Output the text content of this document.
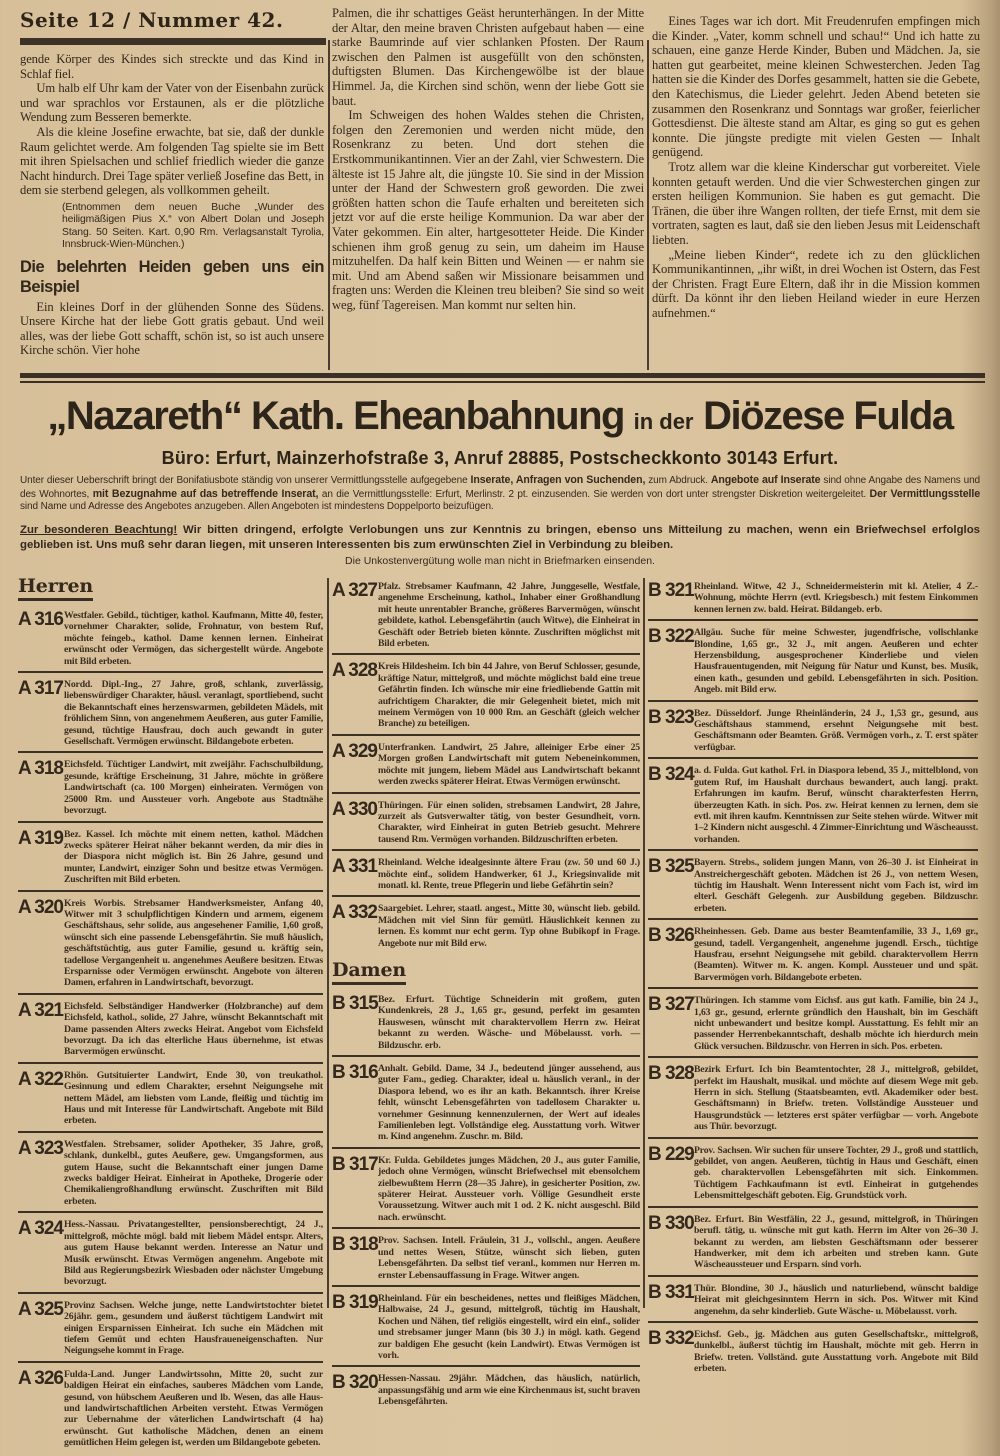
Seite 12 / Nummer 42.

gende Körper des Kindes sich streckte und das Kind in Schlaf fiel.

Um halb elf Uhr kam der Vater von der Eisenbahn zurück und war sprachlos vor Erstaunen, als er die plötzliche Wendung zum Besseren bemerkte.

Als die kleine Josefine erwachte, bat sie, daß der dunkle Raum gelichtet werde. Am folgenden Tag spielte sie im Bett mit ihren Spielsachen und schlief friedlich wieder die ganze Nacht hindurch. Drei Tage später verließ Josefine das Bett, in dem sie sterbend gelegen, als vollkommen geheilt.

(Entnommen dem neuen Buche „Wunder des heiligmäßigen Pius X.“ von Albert Dolan und Joseph Stang. 50 Seiten. Kart. 0,90 Rm. Verlagsanstalt Tyrolia, Innsbruck-Wien-München.)

Die belehrten Heiden geben uns ein Beispiel

Ein kleines Dorf in der glühenden Sonne des Südens. Unsere Kirche hat der liebe Gott gratis gebaut. Und weil alles, was der liebe Gott schafft, schön ist, so ist auch unsere Kirche schön. Vier hohe

Palmen, die ihr schattiges Geäst herunterhängen. In der Mitte der Altar, den meine braven Christen aufgebaut haben — eine starke Baumrinde auf vier schlanken Pfosten. Der Raum zwischen den Palmen ist ausgefüllt von den schönsten, duftigsten Blumen. Das Kirchengewölbe ist der blaue Himmel. Ja, die Kirchen sind schön, wenn der liebe Gott sie baut.

Im Schweigen des hohen Waldes stehen die Christen, folgen den Zeremonien und werden nicht müde, den Rosenkranz zu beten. Und dort stehen die Erstkommunikantinnen. Vier an der Zahl, vier Schwestern. Die älteste ist 15 Jahre alt, die jüngste 10. Sie sind in der Mission unter der Hand der Schwestern groß geworden. Die zwei größten hatten schon die Taufe erhalten und bereiteten sich jetzt vor auf die erste heilige Kommunion. Da war aber der Vater gekommen. Ein alter, hartgesotteter Heide. Die Kinder schienen ihm groß genug zu sein, um daheim im Hause mitzuhelfen. Da half kein Bitten und Weinen — er nahm sie mit. Und am Abend saßen wir Missionare beisammen und fragten uns: Werden die Kleinen treu bleiben? Sie sind so weit weg, fünf Tagereisen. Man kommt nur selten hin.

Eines Tages war ich dort. Mit Freudenrufen empfingen mich die Kinder. „Vater, komm schnell und schau!“ Und ich hatte zu schauen, eine ganze Herde Kinder, Buben und Mädchen. Ja, sie hatten gut gearbeitet, meine kleinen Schwesterchen. Jeden Tag hatten sie die Kinder des Dorfes gesammelt, hatten sie die Gebete, den Katechismus, die Lieder gelehrt. Jeden Abend beteten sie zusammen den Rosenkranz und Sonntags war großer, feierlicher Gottesdienst. Die älteste stand am Altar, es ging so gut es gehen konnte. Die jüngste predigte mit vielen Gesten — Inhalt genügend.

Trotz allem war die kleine Kinderschar gut vorbereitet. Viele konnten getauft werden. Und die vier Schwesterchen gingen zur ersten heiligen Kommunion. Sie haben es gut gemacht. Die Tränen, die über ihre Wangen rollten, der tiefe Ernst, mit dem sie vortraten, sagten es laut, daß sie den lieben Jesus mit Leidenschaft liebten.

„Meine lieben Kinder“, redete ich zu den glücklichen Kommunikantinnen, „ihr wißt, in drei Wochen ist Ostern, das Fest der Christen. Fragt Eure Eltern, daß ihr in die Mission kommen dürft. Da könnt ihr den lieben Heiland wieder in eure Herzen aufnehmen.“

„Nazareth“ Kath. Eheanbahnung in der Diözese Fulda
Büro: Erfurt, Mainzerhofstraße 3, Anruf 28885, Postscheckkonto 30143 Erfurt.
Unter dieser Ueberschrift bringt der Bonifatiusbote ständig von unserer Vermittlungsstelle aufgegebene Inserate, Anfragen von Suchenden, zum Abdruck. Angebote auf Inserate sind ohne Angabe des Namens und des Wohnortes, mit Bezugnahme auf das betreffende Inserat, an die Vermittlungsstelle: Erfurt, Merlinstr. 2 pt. einzusenden. Sie werden von dort unter strengster Diskretion weitergeleitet. Der Vermittlungsstelle sind Name und Adresse des Angebotes anzugeben. Allen Angeboten ist mindestens Doppelporto beizufügen.
Zur besonderen Beachtung! Wir bitten dringend, erfolgte Verlobungen uns zur Kenntnis zu bringen, ebenso uns Mitteilung zu machen, wenn ein Briefwechsel erfolglos geblieben ist. Uns muß sehr daran liegen, mit unseren Interessenten bis zum erwünschten Ziel in Verbindung zu bleiben.
Die Unkostenvergütung wolle man nicht in Briefmarken einsenden.
Herren
A 316 Westfaler. Gebild., tüchtiger, kathol. Kaufmann, Mitte 40, fester, vornehmer Charakter, solide, Frohnatur, von bestem Ruf, möchte feingeb., kathol. Dame kennen lernen. Einheirat erwünscht oder Vermögen, das sichergestellt würde. Angebote mit Bild erbeten.
A 317 Nordd. Dipl.-Ing., 27 Jahre, groß, schlank, zuverlässig, liebenswürdiger Charakter, häusl. veranlagt, sportliebend, sucht die Bekanntschaft eines herzenswarmen, gebildeten Mädels, mit fröhlichem Sinn, von angenehmem Aeußeren, aus guter Familie, gesund, tüchtige Hausfrau, doch auch gewandt in guter Gesellschaft. Vermögen erwünscht. Bildangebote erbeten.
A 318 Eichsfeld. Tüchtiger Landwirt, mit zweijähr. Fachschulbildung, gesunde, kräftige Erscheinung, 31 Jahre, möchte in größere Landwirtschaft (ca. 100 Morgen) einheiraten. Vermögen von 25000 Rm. und Aussteuer vorh. Angebote aus Stadtnähe bevorzugt.
A 319 Bez. Kassel. Ich möchte mit einem netten, kathol. Mädchen zwecks späterer Heirat näher bekannt werden, da mir dies in der Diaspora nicht möglich ist. Bin 26 Jahre, gesund und munter, Landwirt, einziger Sohn und besitze etwas Vermögen. Zuschriften mit Bild erbeten.
A 320 Kreis Worbis. Strebsamer Handwerksmeister, Anfang 40, Witwer mit 3 schulpflichtigen Kindern und armem, eigenem Geschäftshaus, sehr solide, aus angesehener Familie, 1,60 groß, wünscht sich eine passende Lebensgefährtin. Sie muß häuslich, geschäftstüchtig, aus guter Familie, gesund u. kräftig sein, tadellose Vergangenheit u. angenehmes Aeußere besitzen. Etwas Ersparnisse oder Vermögen erwünscht. Angebote von älteren Damen, erfahren in Landwirtschaft, bevorzugt.
A 321 Eichsfeld. Selbständiger Handwerker (Holzbranche) auf dem Eichsfeld, kathol., solide, 27 Jahre, wünscht Bekanntschaft mit Dame passenden Alters zwecks Heirat. Angebot vom Eichsfeld bevorzugt. Da ich das elterliche Haus übernehme, ist etwas Barvermögen erwünscht.
A 322 Rhön. Gutsituierter Landwirt, Ende 30, von treukathol. Gesinnung und edlem Charakter, ersehnt Neigungsehe mit nettem Mädel, am liebsten vom Lande, fleißig und tüchtig im Haus und mit Interesse für Landwirtschaft. Angebote mit Bild erbeten.
A 323 Westfalen. Strebsamer, solider Apotheker, 35 Jahre, groß, schlank, dunkelbl., gutes Aeußere, gew. Umgangsformen, aus gutem Hause, sucht die Bekanntschaft einer jungen Dame zwecks baldiger Heirat. Einheirat in Apotheke, Drogerie oder Chemikaliengroßhandlung erwünscht. Zuschriften mit Bild erbeten.
A 324 Hess.-Nassau. Privatangestellter, pensionsberechtigt, 24 J., mittelgroß, möchte mögl. bald mit liebem Mädel entspr. Alters, aus gutem Hause bekannt werden. Interesse an Natur und Musik erwünscht. Etwas Vermögen angenehm. Angebote mit Bild aus Regierungsbezirk Wiesbaden oder nächster Umgebung bevorzugt.
A 325 Provinz Sachsen. Welche junge, nette Landwirtstochter bietet 26jähr. gem., gesundem und äußerst tüchtigem Landwirt mit einigen Ersparnissen Einheirat. Ich suche ein Mädchen mit tiefem Gemüt und echten Hausfraueneigenschaften. Nur Neigungsehe kommt in Frage.
A 326 Fulda-Land. Junger Landwirtssohn, Mitte 20, sucht zur baldigen Heirat ein einfaches, sauberes Mädchen vom Lande, gesund, von hübschem Aeußeren und lb. Wesen, das alle Haus- und landwirtschaftlichen Arbeiten versteht. Etwas Vermögen zur Uebernahme der väterlichen Landwirtschaft (4 ha) erwünscht. Gut katholische Mädchen, denen an einem gemütlichen Heim gelegen ist, werden um Bildangebote gebeten.
A 327 Pfalz. Strebsamer Kaufmann, 42 Jahre, Junggeselle, Westfale, angenehme Erscheinung, kathol., Inhaber einer Großhandlung mit heute unrentabler Branche, größeres Barvermögen, wünscht gebildete, kathol. Lebensgefährtin (auch Witwe), die Einheirat in Geschäft oder Betrieb bieten könnte. Zuschriften möglichst mit Bild erbeten.
A 328 Kreis Hildesheim. Ich bin 44 Jahre, von Beruf Schlosser, gesunde, kräftige Natur, mittelgroß, und möchte möglichst bald eine treue Gefährtin finden. Ich wünsche mir eine friedliebende Gattin mit aufrichtigem Charakter, die mir Gelegenheit bietet, mich mit meinem Vermögen von 10 000 Rm. an Geschäft (gleich welcher Branche) zu beteiligen.
A 329 Unterfranken. Landwirt, 25 Jahre, alleiniger Erbe einer 25 Morgen großen Landwirtschaft mit gutem Nebeneinkommen, möchte mit jungem, liebem Mädel aus Landwirtschaft bekannt werden zwecks späterer Heirat. Etwas Vermögen erwünscht.
A 330 Thüringen. Für einen soliden, strebsamen Landwirt, 28 Jahre, zurzeit als Gutsverwalter tätig, von bester Gesundheit, vorn. Charakter, wird Einheirat in guten Betrieb gesucht. Mehrere tausend Rm. Vermögen vorhanden. Bildzuschriften erbeten.
A 331 Rheinland. Welche idealgesinnte ältere Frau (zw. 50 und 60 J.) möchte einf., solidem Handwerker, 61 J., Kriegsinvalide mit monatl. kl. Rente, treue Pflegerin und liebe Gefährtin sein?
A 332 Saargebiet. Lehrer, staatl. angest., Mitte 30, wünscht lieb. gebild. Mädchen mit viel Sinn für gemütl. Häuslichkeit kennen zu lernen. Es kommt nur echt germ. Typ ohne Bubikopf in Frage. Angebote nur mit Bild erw.
Damen
B 315 Bez. Erfurt. Tüchtige Schneiderin mit großem, guten Kundenkreis, 28 J., 1,65 gr., gesund, perfekt im gesamten Hauswesen, wünscht mit charaktervollem Herrn zw. Heirat bekannt zu werden. Wäsche- und Möbelausst. vorh. — Bildzuschr. erb.
B 316 Anhalt. Gebild. Dame, 34 J., bedeutend jünger aussehend, aus guter Fam., gedieg. Charakter, ideal u. häuslich veranl., in der Diaspora lebend, wo es ihr an kath. Bekanntsch. ihrer Kreise fehlt, wünscht Lebensgefährten von tadellosem Charakter u. vornehmer Gesinnung kennenzulernen, der Wert auf ideales Familienleben legt. Vollständige eleg. Ausstattung vorh. Witwer m. Kind angenehm. Zuschr. m. Bild.
B 317 Kr. Fulda. Gebildetes junges Mädchen, 20 J., aus guter Familie, jedoch ohne Vermögen, wünscht Briefwechsel mit ebensolchem zielbewußtem Herrn (28—35 Jahre), in gesicherter Position, zw. späterer Heirat. Aussteuer vorh. Völlige Gesundheit erste Voraussetzung. Witwer auch mit 1 od. 2 K. nicht ausgeschl. Bild nach. erwünscht.
B 318 Prov. Sachsen. Intell. Fräulein, 31 J., vollschl., angen. Aeußere und nettes Wesen, Stütze, wünscht sich lieben, guten Lebensgefährten. Da selbst tief veranl., kommen nur Herren m. ernster Lebensauffassung in Frage. Witwer angen.
B 319 Rheinland. Für ein bescheidenes, nettes und fleißiges Mädchen, Halbwaise, 24 J., gesund, mittelgroß, tüchtig im Haushalt, Kochen und Nähen, tief religiös eingestellt, wird ein einf., solider und strebsamer junger Mann (bis 30 J.) in mögl. kath. Gegend zur baldigen Ehe gesucht (kein Landwirt). Etwas Vermögen ist vorh.
B 320 Hessen-Nassau. 29jähr. Mädchen, das häuslich, natürlich, anpassungsfähig und arm wie eine Kirchenmaus ist, sucht braven Lebensgefährten.
B 321 Rheinland. Witwe, 42 J., Schneidermeisterin mit kl. Atelier, 4 Z.-Wohnung, möchte Herrn (evtl. Kriegsbesch.) mit festem Einkommen kennen lernen zw. bald. Heirat. Bildangeb. erb.
B 322 Allgäu. Suche für meine Schwester, jugendfrische, vollschlanke Blondine, 1,65 gr., 32 J., mit angen. Aeußeren und echter Herzensbildung, ausgesprochener Kinderliebe und vielen Hausfrauentugenden, mit Neigung für Natur und Kunst, bes. Musik, einen kath., gesunden und gebild. Lebensgefährten in sich. Position. Angeb. mit Bild erw.
B 323 Bez. Düsseldorf. Junge Rheinländerin, 24 J., 1,53 gr., gesund, aus Geschäftshaus stammend, ersehnt Neigungsehe mit best. Geschäftsmann oder Beamten. Größ. Vermögen vorh., z. T. erst später verfügbar.
B 324 a. d. Fulda. Gut kathol. Frl. in Diaspora lebend, 35 J., mittelblond, von gutem Ruf, im Haushalt durchaus bewandert, auch langj. prakt. Erfahrungen im kaufm. Beruf, wünscht charakterfesten Herrn, überzeugten Kath. in sich. Pos. zw. Heirat kennen zu lernen, dem sie evtl. mit ihren kaufm. Kenntnissen zur Seite stehen würde. Witwer mit 1–2 Kindern nicht ausgeschl. 4 Zimmer-Einrichtung und Wäscheausst. vorhanden.
B 325 Bayern. Strebs., solidem jungen Mann, von 26–30 J. ist Einheirat in Anstreichergeschäft geboten. Mädchen ist 26 J., von nettem Wesen, tüchtig im Haushalt. Wenn Interessent nicht vom Fach ist, wird im elterl. Geschäft Gelegenh. zur Ausbildung gegeben. Bildzuschr. erbeten.
B 326 Rheinhessen. Geb. Dame aus bester Beamtenfamilie, 33 J., 1,69 gr., gesund, tadell. Vergangenheit, angenehme jugendl. Ersch., tüchtige Hausfrau, ersehnt Neigungsehe mit gebild. charaktervollem Herrn (Beamten). Witwer m. K. angen. Kompl. Aussteuer und und spät. Barvermögen vorh. Bildangebote erbeten.
B 327 Thüringen. Ich stamme vom Eichsf. aus gut kath. Familie, bin 24 J., 1,63 gr., gesund, erlernte gründlich den Haushalt, bin im Geschäft nicht unbewandert und besitze kompl. Ausstattung. Es fehlt mir an passender Herrenbekanntschaft, deshalb möchte ich hierdurch mein Glück versuchen. Bildzuschr. von Herren in sich. Pos. erbeten.
B 328 Bezirk Erfurt. Ich bin Beamtentochter, 28 J., mittelgroß, gebildet, perfekt im Haushalt, musikal. und möchte auf diesem Wege mit geb. Herrn in sich. Stellung (Staatsbeamten, evtl. Akademiker oder best. Geschäftsmann) in Briefw. treten. Vollständige Aussteuer und Hausgrundstück — letzteres erst später verfügbar — vorh. Angebote aus Thür. bevorzugt.
B 229 Prov. Sachsen. Wir suchen für unsere Tochter, 29 J., groß und stattlich, gebildet, von angen. Aeußeren, tüchtig in Haus und Geschäft, einen geb. charaktervollen Lebensgefährten mit sich. Einkommen. Tüchtigem Fachkaufmann ist evtl. Einheirat in gutgehendes Lebensmittelgeschäft geboten. Eig. Grundstück vorh.
B 330 Bez. Erfurt. Bin Westfälin, 22 J., gesund, mittelgroß, in Thüringen berufl. tätig, u. wünsche mit gut kath. Herrn im Alter von 26–30 J. bekannt zu werden, am liebsten Geschäftsmann oder besserer Handwerker, mit dem ich arbeiten und streben kann. Gute Wäscheaussteuer und Ersparn. sind vorh.
B 331 Thür. Blondine, 30 J., häuslich und naturliebend, wünscht baldige Heirat mit gleichgesinntem Herrn in sich. Pos. Witwer mit Kind angenehm, da sehr kinderlieb. Gute Wäsche- u. Möbelausst. vorh.
B 332 Eichsf. Geb., jg. Mädchen aus guten Gesellschaftskr., mittelgroß, dunkelbl., äußerst tüchtig im Haushalt, möchte mit geb. Herrn in Briefw. treten. Vollständ. gute Ausstattung vorh. Angebote mit Bild erbeten.
